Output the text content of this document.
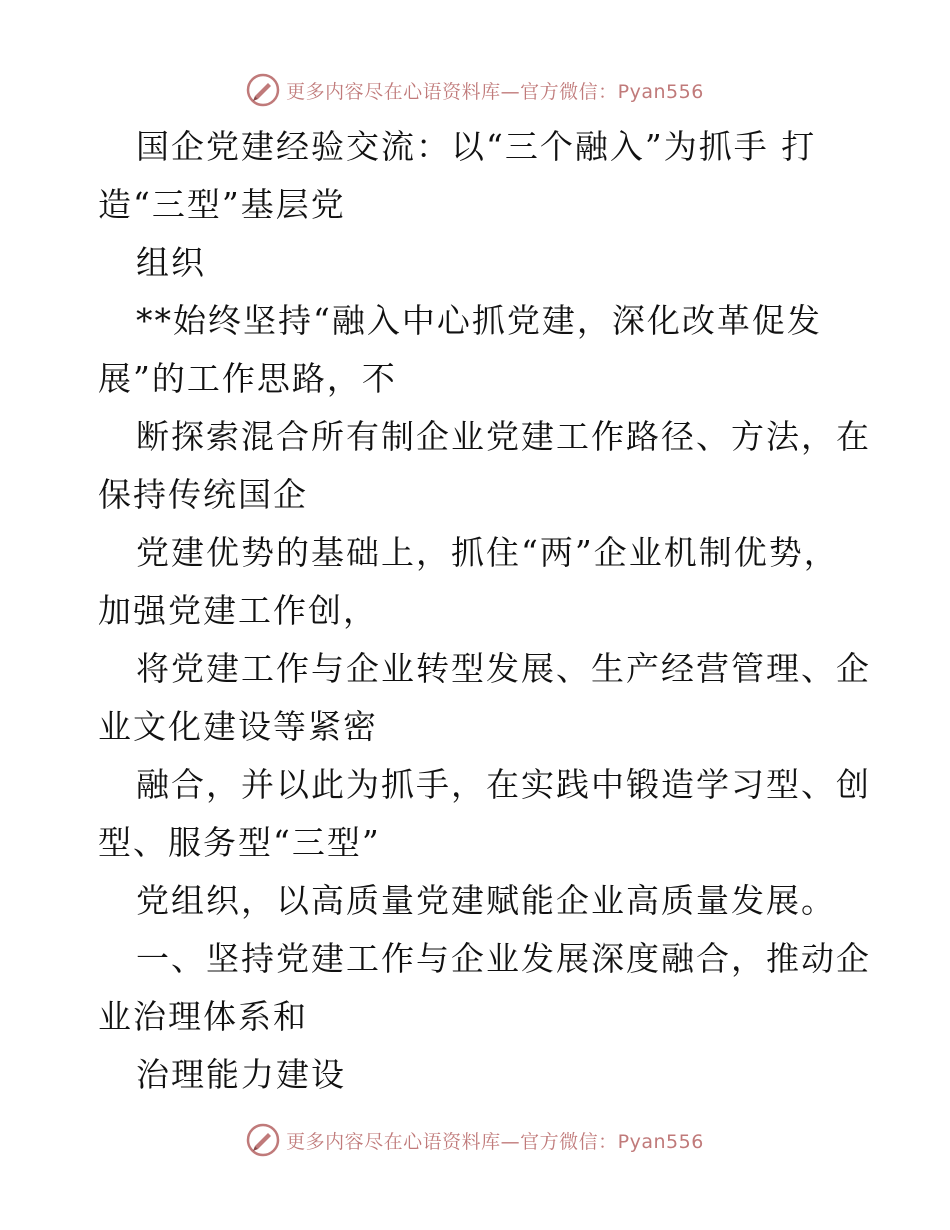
更多内容尽在心语资料库—官方微信：Pyan556
国企党建经验交流：以“三个融入”为抓手 打
造“三型”基层党
组织
**始终坚持“融入中心抓党建，深化改革促发
展”的工作思路，不
断探索混合所有制企业党建工作路径、方法，在
保持传统国企
党建优势的基础上，抓住“两”企业机制优势，
加强党建工作创，
将党建工作与企业转型发展、生产经营管理、企
业文化建设等紧密
融合，并以此为抓手，在实践中锻造学习型、创
型、服务型“三型”
党组织，以高质量党建赋能企业高质量发展。
一、坚持党建工作与企业发展深度融合，推动企
业治理体系和
治理能力建设
更多内容尽在心语资料库—官方微信：Pyan556
